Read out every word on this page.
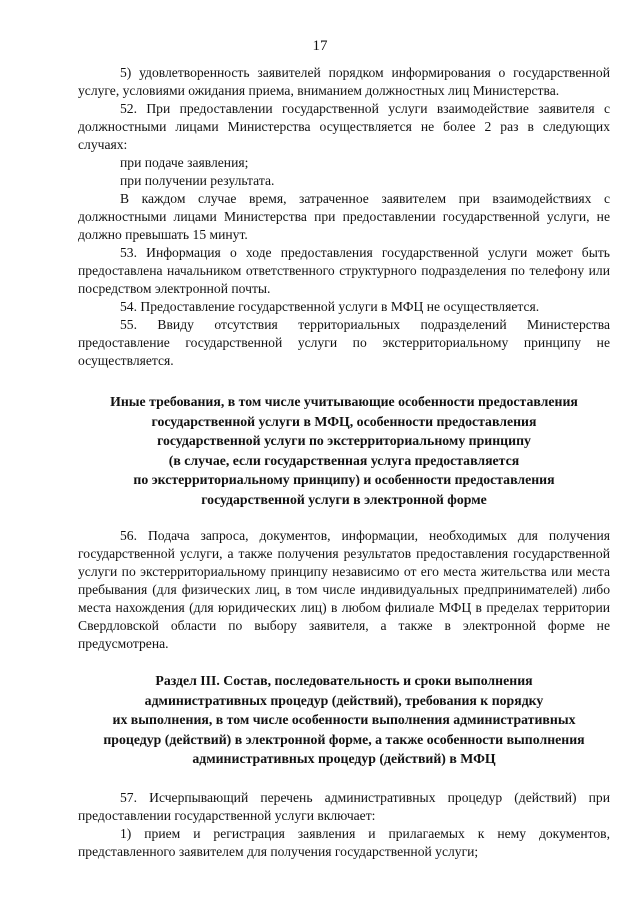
17

5) удовлетворенность заявителей порядком информирования о государственной услуге, условиями ожидания приема, вниманием должностных лиц Министерства.

52. При предоставлении государственной услуги взаимодействие заявителя с должностными лицами Министерства осуществляется не более 2 раз в следующих случаях:

при подаче заявления;

при получении результата.

В каждом случае время, затраченное заявителем при взаимодействиях с должностными лицами Министерства при предоставлении государственной услуги, не должно превышать 15 минут.

53. Информация о ходе предоставления государственной услуги может быть предоставлена начальником ответственного структурного подразделения по телефону или посредством электронной почты.

54. Предоставление государственной услуги в МФЦ не осуществляется.

55. Ввиду отсутствия территориальных подразделений Министерства предоставление государственной услуги по экстерриториальному принципу не осуществляется.

Иные требования, в том числе учитывающие особенности предоставления
государственной услуги в МФЦ, особенности предоставления
государственной услуги по экстерриториальному принципу
(в случае, если государственная услуга предоставляется
по экстерриториальному принципу) и особенности предоставления
государственной услуги в электронной форме

56. Подача запроса, документов, информации, необходимых для получения государственной услуги, а также получения результатов предоставления государственной услуги по экстерриториальному принципу независимо от его места жительства или места пребывания (для физических лиц, в том числе индивидуальных предпринимателей) либо места нахождения (для юридических лиц) в любом филиале МФЦ в пределах территории Свердловской области по выбору заявителя, а также в электронной форме не предусмотрена.

Раздел III. Состав, последовательность и сроки выполнения
административных процедур (действий), требования к порядку
их выполнения, в том числе особенности выполнения административных
процедур (действий) в электронной форме, а также особенности выполнения
административных процедур (действий) в МФЦ

57. Исчерпывающий перечень административных процедур (действий) при предоставлении государственной услуги включает:

1) прием и регистрация заявления и прилагаемых к нему документов, представленного заявителем для получения государственной услуги;
